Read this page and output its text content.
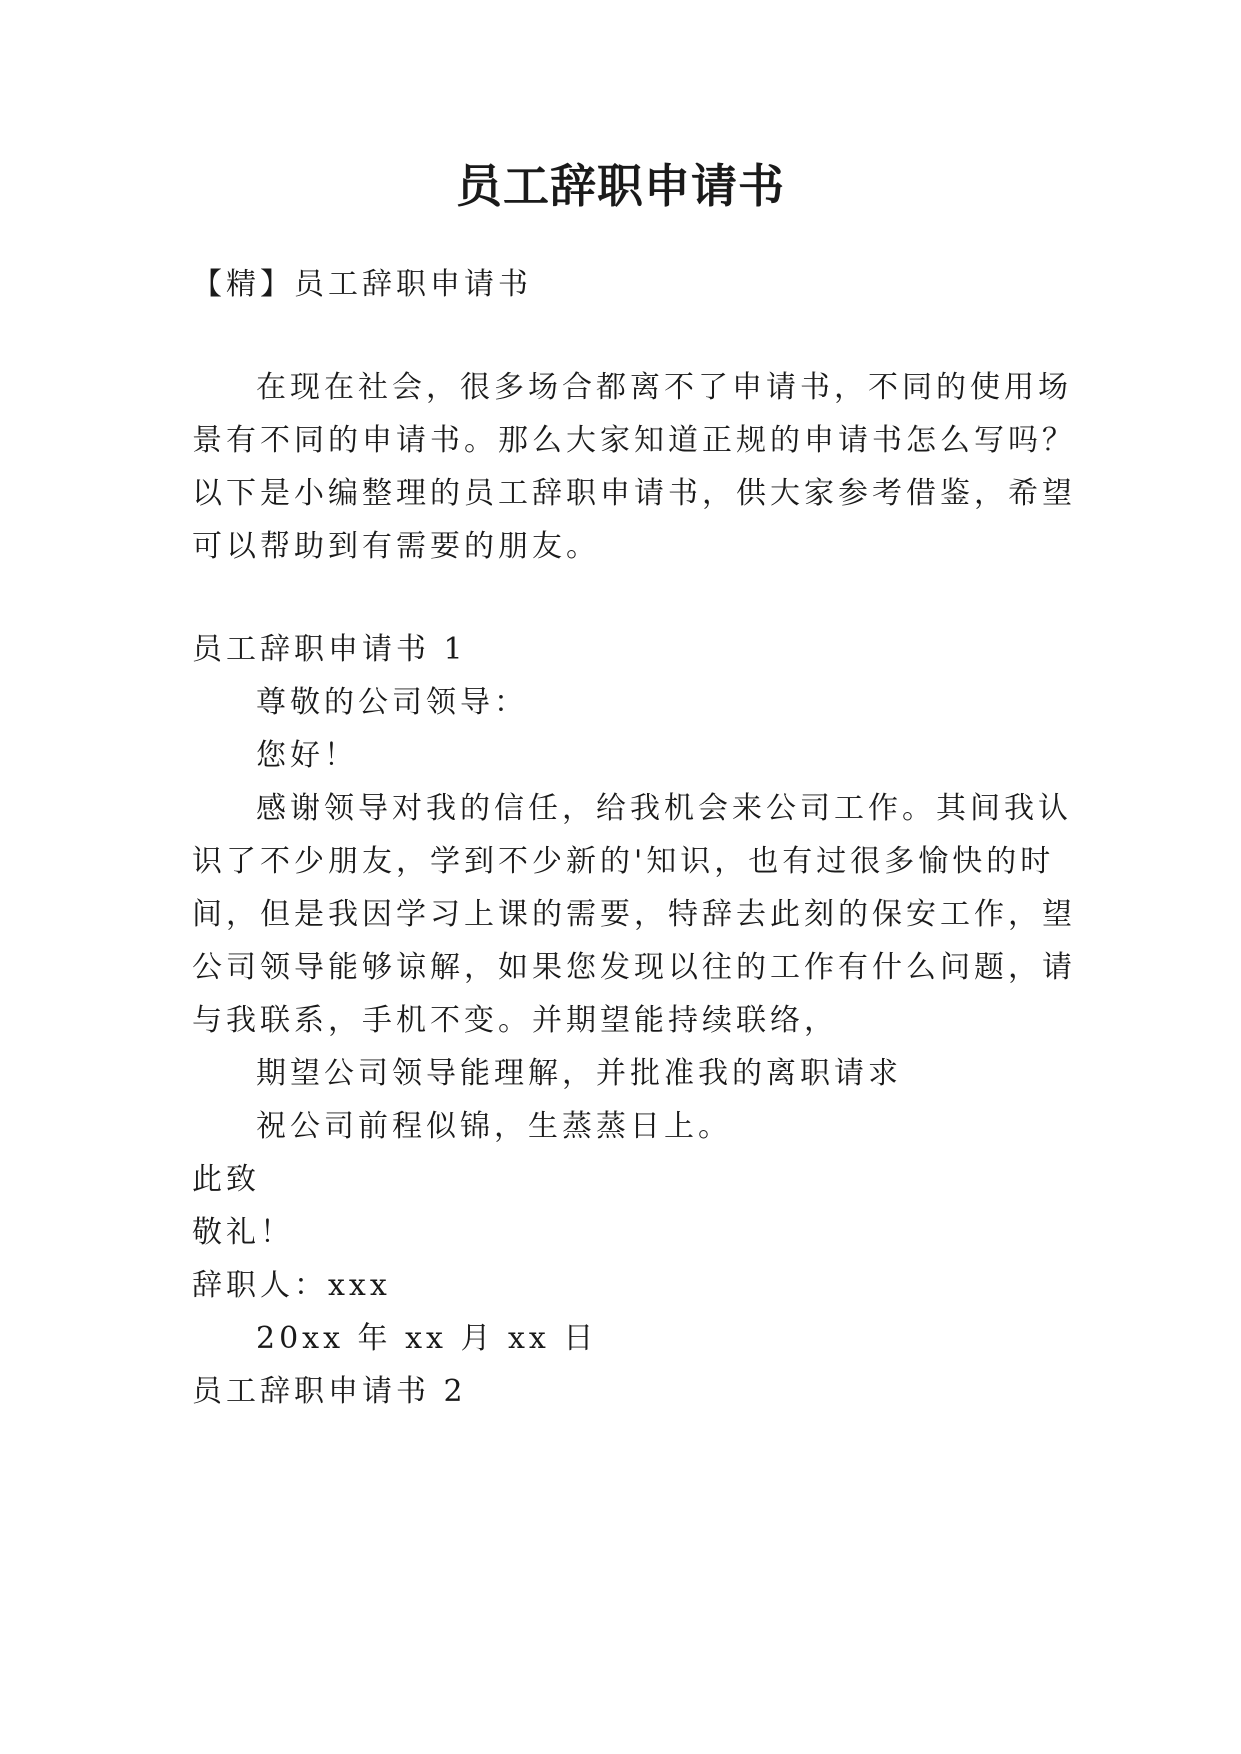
员工辞职申请书
【精】员工辞职申请书
在现在社会，很多场合都离不了申请书，不同的使用场
景有不同的申请书。那么大家知道正规的申请书怎么写吗？
以下是小编整理的员工辞职申请书，供大家参考借鉴，希望
可以帮助到有需要的朋友。
员工辞职申请书 1
尊敬的公司领导：
您好！
感谢领导对我的信任，给我机会来公司工作。其间我认
识了不少朋友，学到不少新的'知识，也有过很多愉快的时
间，但是我因学习上课的需要，特辞去此刻的保安工作，望
公司领导能够谅解，如果您发现以往的工作有什么问题，请
与我联系，手机不变。并期望能持续联络，
期望公司领导能理解，并批准我的离职请求
祝公司前程似锦，生蒸蒸日上。
此致
敬礼！
辞职人：xxx
20xx 年 xx 月 xx 日
员工辞职申请书 2
